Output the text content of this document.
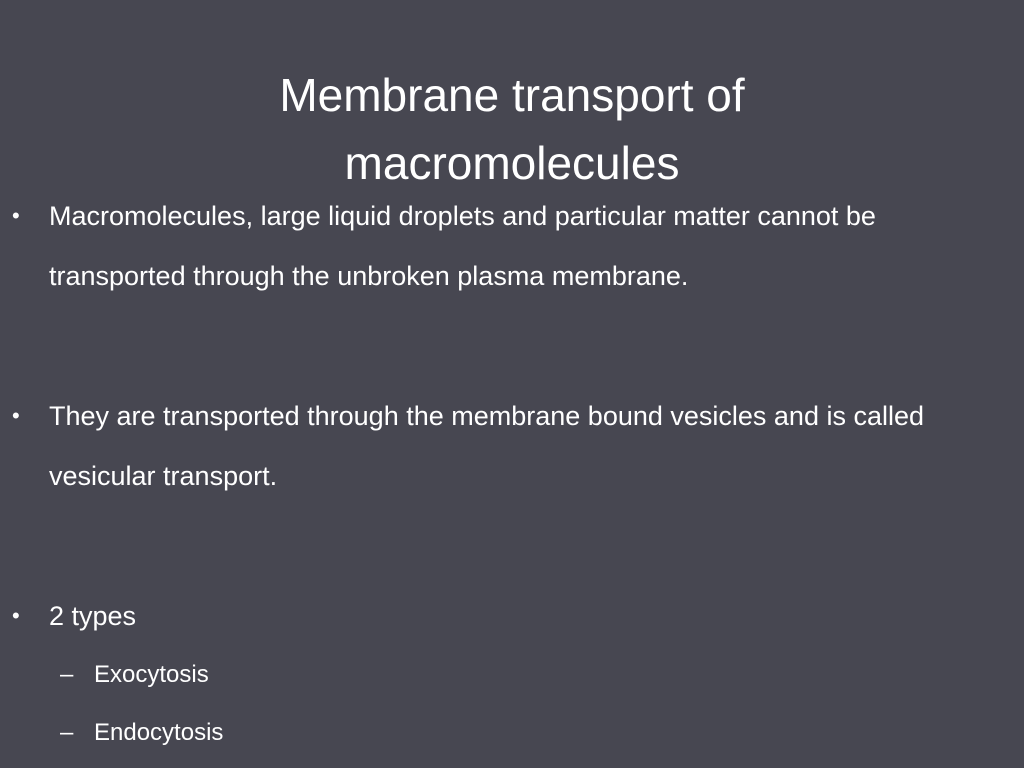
Membrane transport of
macromolecules
• Macromolecules, large liquid droplets and particular matter cannot be transported through the unbroken plasma membrane.
• They are transported through the membrane bound vesicles and is called vesicular transport.
• 2 types
– Exocytosis
– Endocytosis
